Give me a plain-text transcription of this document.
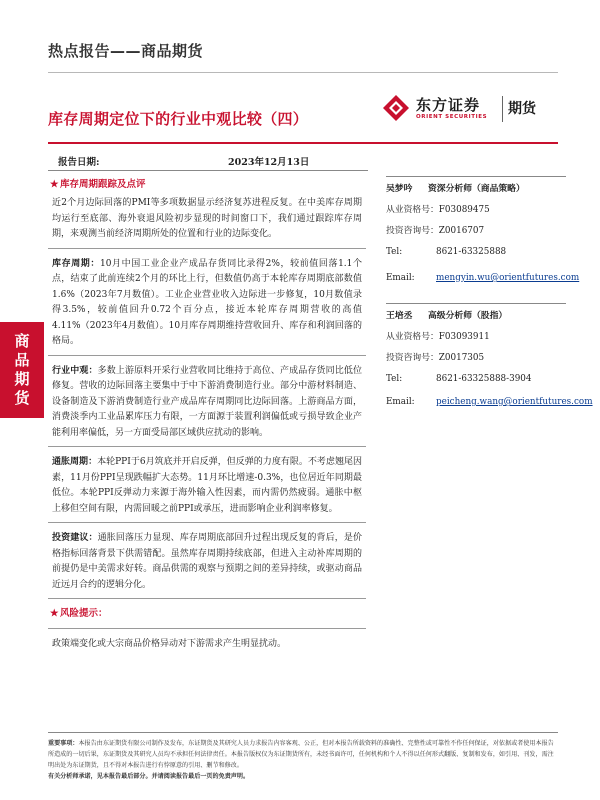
热点报告——商品期货
库存周期定位下的行业中观比较（四）
东方证券
ORIENT SECURITIES 期货
报告日期:	2023年12月13日
商
品
期
货
★库存周期跟踪及点评
近2个月边际回落的PMI等多项数据显示经济复苏进程反复。在中美库存周期均运行至底部、海外衰退风险初步显现的时间窗口下，我们通过跟踪库存周期，来观测当前经济周期所处的位置和行业的边际变化。
库存周期：10月中国工业企业产成品存货同比录得2%，较前值回落1.1个点，结束了此前连续2个月的环比上行，但数值仍高于本轮库存周期底部数值1.6%（2023年7月数值）。工业企业营业收入边际进一步修复，10月数值录得3.5%，较前值回升0.72个百分点，接近本轮库存周期营收的高值4.11%（2023年4月数值）。10月库存周期维持营收回升、库存和利润回落的格局。
行业中观：多数上游原料开采行业营收同比维持于高位、产成品存货同比低位修复。营收的边际回落主要集中于中下游消费制造行业。部分中游材料制造、设备制造及下游消费制造行业产成品库存周期同比边际回落。上游商品方面，消费淡季内工业品累库压力有限，一方面源于装置利润偏低或亏损导致企业产能利用率偏低，另一方面受局部区域供应扰动的影响。
通胀周期：本轮PPI于6月筑底并开启反弹，但反弹的力度有限。不考虑翘尾因素，11月份PPI呈现跌幅扩大态势。11月环比增速-0.3%，也位居近年同期最低位。本轮PPI反弹动力来源于海外输入性因素，而内需仍然疲弱。通胀中枢上移但空间有限，内需回暖之前PPI或承压，进而影响企业利润率修复。
投资建议：通胀回落压力显现、库存周期底部回升过程出现反复的背后，是价格指标回落背景下供需错配。虽然库存周期持续底部，但进入主动补库周期的前提仍是中美需求好转。商品供需的观察与预期之间的差异持续，或驱动商品近远月合约的逻辑分化。
★风险提示：
政策端变化或大宗商品价格异动对下游需求产生明显扰动。
吴梦吟 资深分析师（商品策略）
从业资格号：F03089475
投资咨询号：Z0016707
Tel:	8621-63325888
Email: mengyin.wu@orientfutures.com
王培丞 高级分析师（股指）
从业资格号：F03093911
投资咨询号：Z0017305
Tel:	8621-63325888-3904
Email: peicheng.wang@orientfutures.com
重要事项：本报告由东证期货有限公司制作及发布，东证期货及其研究人员力求报告内容客观、公正，但对本报告所载资料的准确性、完整性或可靠性不作任何保证，对依据或者使用本报告所造成的一切后果，东证期货及其研究人员均不承担任何法律责任。本报告版权仅为东证期货所有，未经书面许可，任何机构和个人不得以任何形式翻版、复制和发布，如引用、刊发，需注明出处为东证期货，且不得对本报告进行有悖原意的引用、删节和修改。
有关分析师承诺，见本报告最后部分。并请阅读报告最后一页的免责声明。
